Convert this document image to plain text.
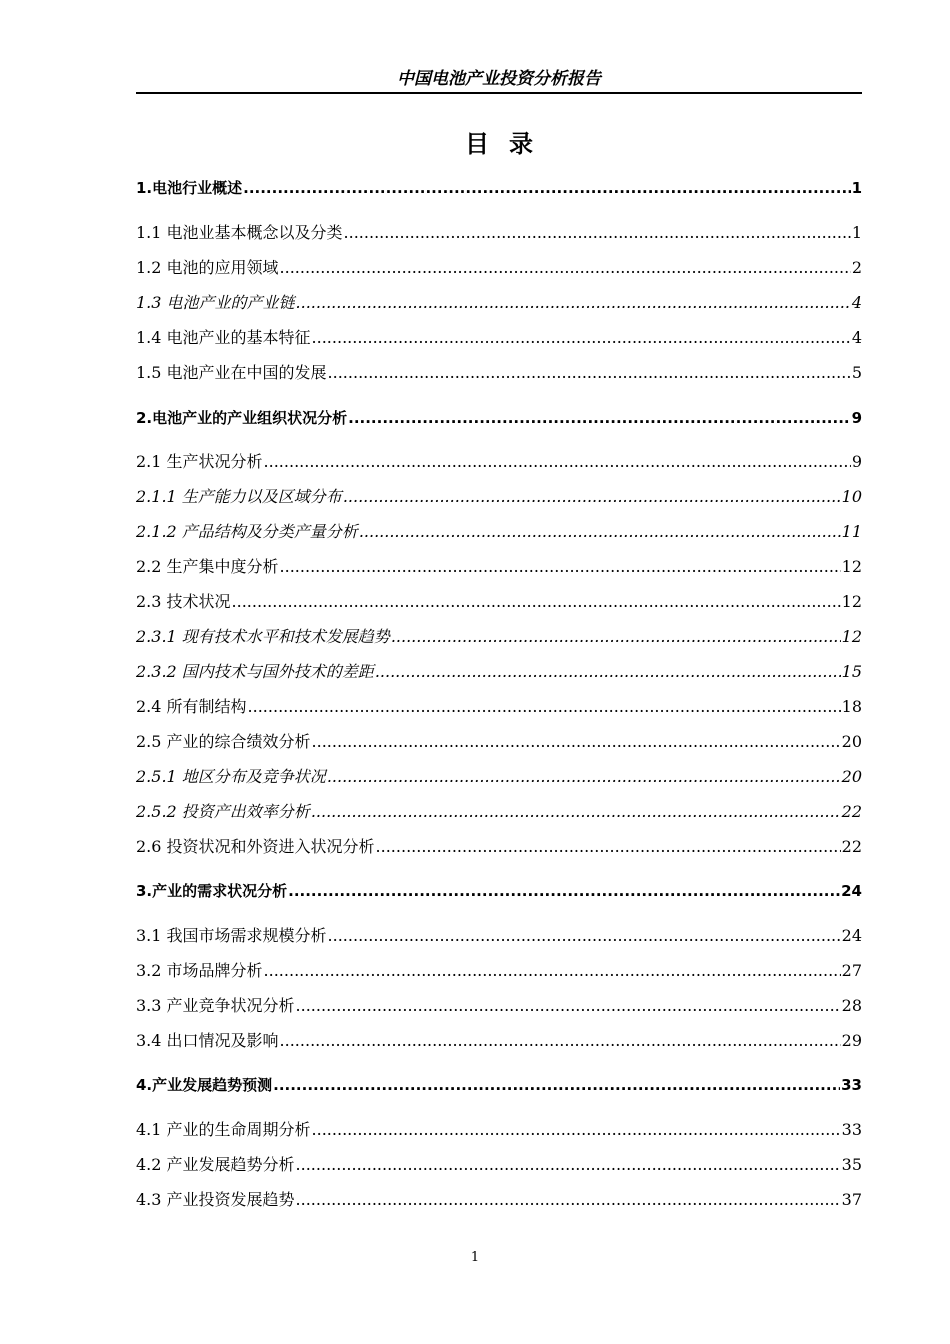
中国电池产业投资分析报告
目录
1.电池行业概述 .....	1
1.1 电池业基本概念以及分类 .....	1
1.2 电池的应用领域 .....	2
1.3 电池产业的产业链 .....	4
1.4 电池产业的基本特征 .....	4
1.5 电池产业在中国的发展 .....	5
2.电池产业的产业组织状况分析 .....	9
2.1 生产状况分析 .....	9
2.1.1 生产能力以及区域分布 .....	10
2.1.2 产品结构及分类产量分析 .....	11
2.2 生产集中度分析 .....	12
2.3 技术状况 .....	12
2.3.1 现有技术水平和技术发展趋势 .....	12
2.3.2 国内技术与国外技术的差距 .....	15
2.4 所有制结构 .....	18
2.5 产业的综合绩效分析 .....	20
2.5.1 地区分布及竞争状况 .....	20
2.5.2 投资产出效率分析 .....	22
2.6 投资状况和外资进入状况分析 .....	22
3.产业的需求状况分析 .....	24
3.1 我国市场需求规模分析 .....	24
3.2 市场品牌分析 .....	27
3.3 产业竞争状况分析 .....	28
3.4 出口情况及影响 .....	29
4.产业发展趋势预测 .....	33
4.1 产业的生命周期分析 .....	33
4.2 产业发展趋势分析 .....	35
4.3 产业投资发展趋势 .....	37
1
